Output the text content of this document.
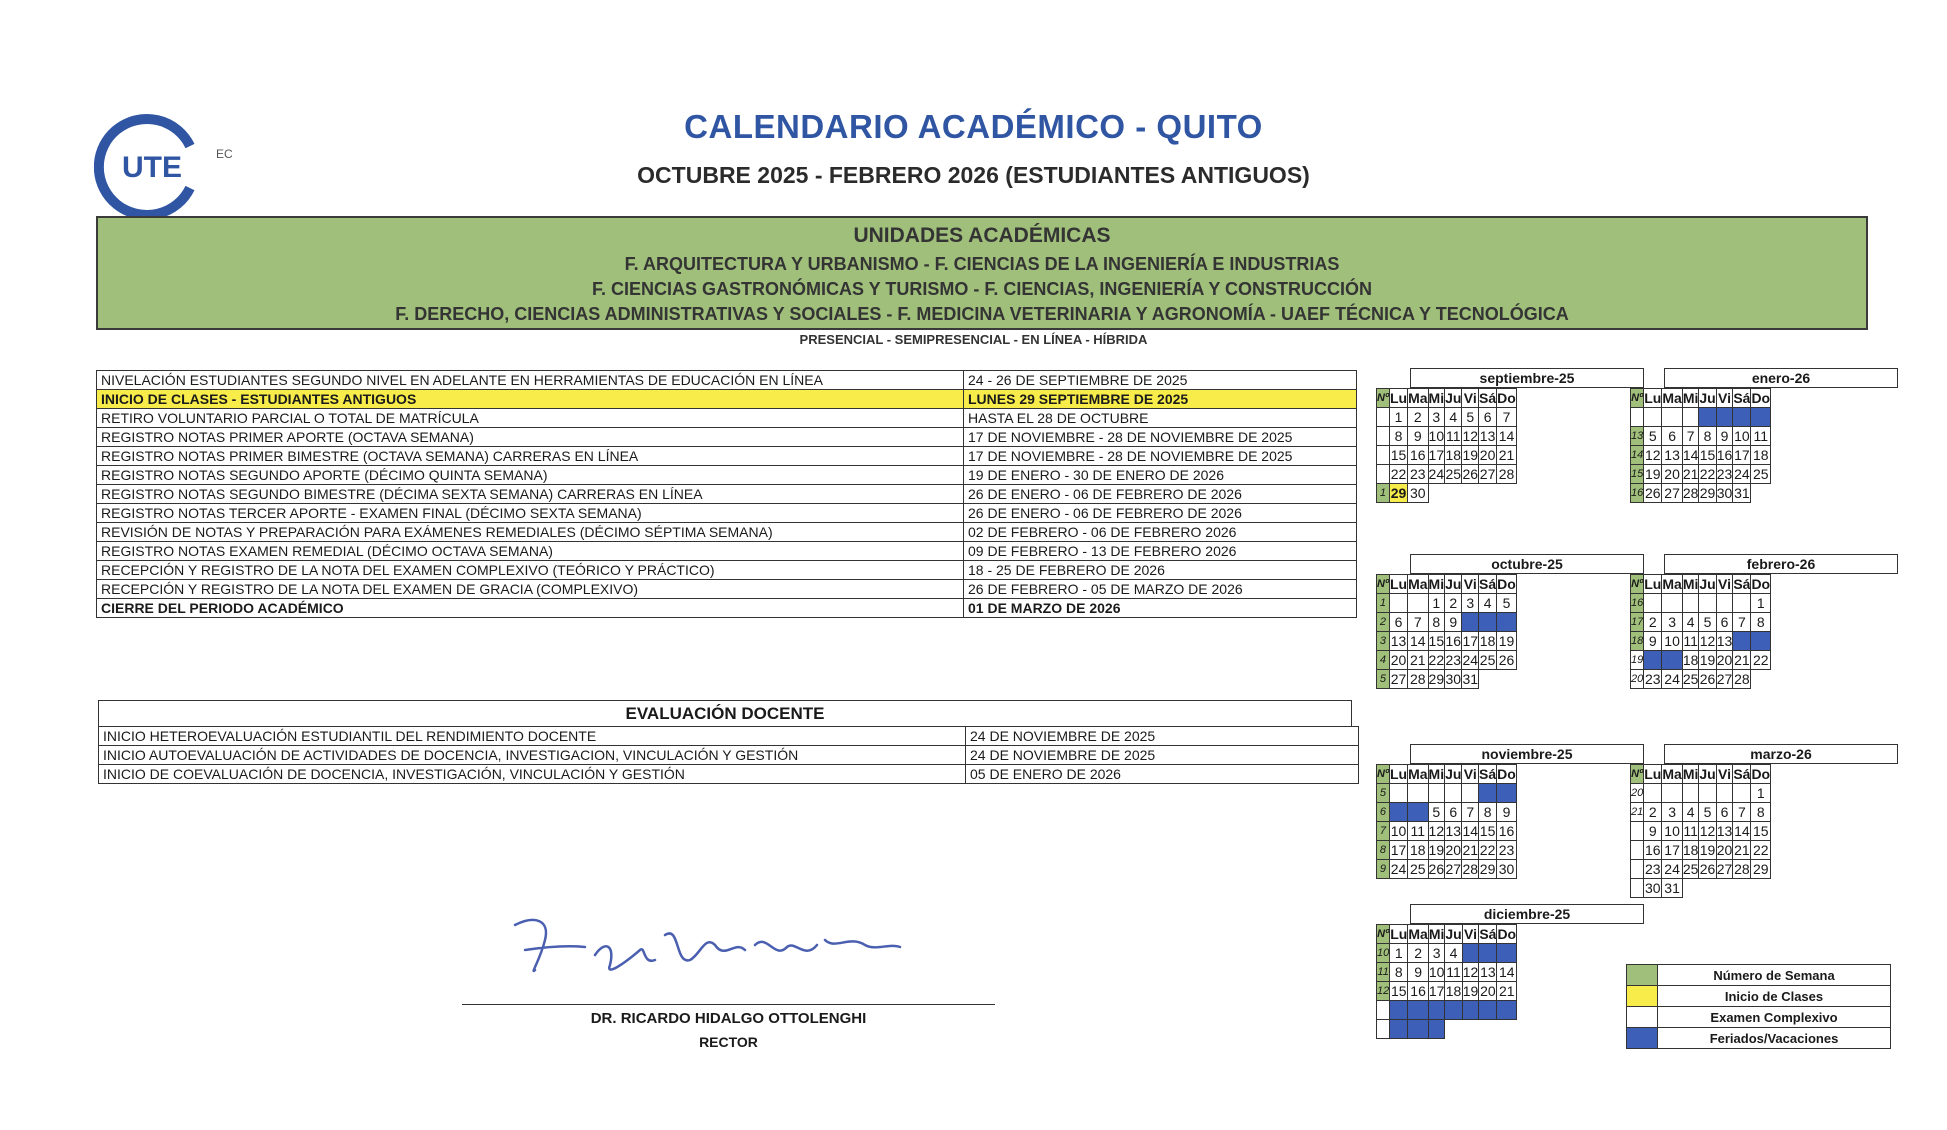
UTE	EC
CALENDARIO ACADÉMICO - QUITO
OCTUBRE 2025 - FEBRERO 2026 (ESTUDIANTES ANTIGUOS)
UNIDADES ACADÉMICAS
F. ARQUITECTURA Y URBANISMO - F. CIENCIAS DE LA INGENIERÍA E INDUSTRIAS
F. CIENCIAS GASTRONÓMICAS Y TURISMO - F. CIENCIAS, INGENIERÍA Y CONSTRUCCIÓN
F. DERECHO, CIENCIAS ADMINISTRATIVAS Y SOCIALES - F. MEDICINA VETERINARIA Y AGRONOMÍA - UAEF TÉCNICA Y TECNOLÓGICA
PRESENCIAL - SEMIPRESENCIAL - EN LÍNEA - HÍBRIDA
NIVELACIÓN ESTUDIANTES SEGUNDO NIVEL EN ADELANTE EN HERRAMIENTAS DE EDUCACIÓN EN LÍNEA	24 - 26 DE SEPTIEMBRE DE 2025
INICIO DE CLASES - ESTUDIANTES ANTIGUOS	LUNES 29 SEPTIEMBRE DE 2025
RETIRO VOLUNTARIO PARCIAL O TOTAL DE MATRÍCULA	HASTA EL 28 DE OCTUBRE
REGISTRO NOTAS PRIMER APORTE (OCTAVA SEMANA)	17 DE NOVIEMBRE - 28 DE NOVIEMBRE DE 2025
REGISTRO NOTAS PRIMER BIMESTRE (OCTAVA SEMANA) CARRERAS EN LÍNEA	17 DE NOVIEMBRE - 28 DE NOVIEMBRE DE 2025
REGISTRO NOTAS SEGUNDO APORTE (DÉCIMO QUINTA SEMANA)	19 DE ENERO - 30 DE ENERO DE 2026
REGISTRO NOTAS SEGUNDO BIMESTRE (DÉCIMA SEXTA SEMANA) CARRERAS EN LÍNEA	26 DE ENERO - 06 DE FEBRERO DE 2026
REGISTRO NOTAS TERCER APORTE - EXAMEN FINAL (DÉCIMO SEXTA SEMANA)	26 DE ENERO - 06 DE FEBRERO DE 2026
REVISIÓN DE NOTAS Y PREPARACIÓN PARA EXÁMENES REMEDIALES (DÉCIMO SÉPTIMA SEMANA)	02 DE FEBRERO - 06 DE FEBRERO 2026
REGISTRO NOTAS EXAMEN REMEDIAL (DÉCIMO OCTAVA SEMANA)	09 DE FEBRERO - 13 DE FEBRERO 2026
RECEPCIÓN Y REGISTRO DE LA NOTA DEL EXAMEN COMPLEXIVO (TEÓRICO Y PRÁCTICO)	18 - 25 DE FEBRERO DE 2026
RECEPCIÓN Y REGISTRO DE LA NOTA DEL EXAMEN DE GRACIA (COMPLEXIVO)	26 DE FEBRERO - 05 DE MARZO DE 2026
CIERRE DEL PERIODO ACADÉMICO	01 DE MARZO DE 2026
EVALUACIÓN DOCENTE
INICIO HETEROEVALUACIÓN ESTUDIANTIL DEL RENDIMIENTO DOCENTE	24 DE NOVIEMBRE DE 2025
INICIO AUTOEVALUACIÓN DE ACTIVIDADES DE DOCENCIA, INVESTIGACION, VINCULACIÓN Y GESTIÓN	24 DE NOVIEMBRE DE 2025
INICIO DE COEVALUACIÓN DE DOCENCIA, INVESTIGACIÓN, VINCULACIÓN Y GESTIÓN	05 DE ENERO DE 2026
DR. RICARDO HIDALGO OTTOLENGHI
RECTOR
septiembre-25
Nº	Lu	Ma	Mi	Ju	Vi	Sá	Do
	1	2	3	4	5	6	7
	8	9	10	11	12	13	14
	15	16	17	18	19	20	21
	22	23	24	25	26	27	28
1	29	30					
octubre-25
Nº	Lu	Ma	Mi	Ju	Vi	Sá	Do
1			1	2	3	4	5
2	6	7	8	9	10	11	12
3	13	14	15	16	17	18	19
4	20	21	22	23	24	25	26
5	27	28	29	30	31		
noviembre-25
Nº	Lu	Ma	Mi	Ju	Vi	Sá	Do
5						1	2
6	3	4	5	6	7	8	9
7	10	11	12	13	14	15	16
8	17	18	19	20	21	22	23
9	24	25	26	27	28	29	30
diciembre-25
Nº	Lu	Ma	Mi	Ju	Vi	Sá	Do
10	1	2	3	4	5	6	7
11	8	9	10	11	12	13	14
12	15	16	17	18	19	20	21
	22	23	24	25	26	27	28
	29	30	31				
enero-26
Nº	Lu	Ma	Mi	Ju	Vi	Sá	Do
				1	2	3	4
13	5	6	7	8	9	10	11
14	12	13	14	15	16	17	18
15	19	20	21	22	23	24	25
16	26	27	28	29	30	31	
febrero-26
Nº	Lu	Ma	Mi	Ju	Vi	Sá	Do
16							1
17	2	3	4	5	6	7	8
18	9	10	11	12	13	14	15
19	16	17	18	19	20	21	22
20	23	24	25	26	27	28	
marzo-26
Nº	Lu	Ma	Mi	Ju	Vi	Sá	Do
20							1
21	2	3	4	5	6	7	8
	9	10	11	12	13	14	15
	16	17	18	19	20	21	22
	23	24	25	26	27	28	29
	30	31					
	Número de Semana
	Inicio de Clases
	Examen Complexivo
	Feriados/Vacaciones
